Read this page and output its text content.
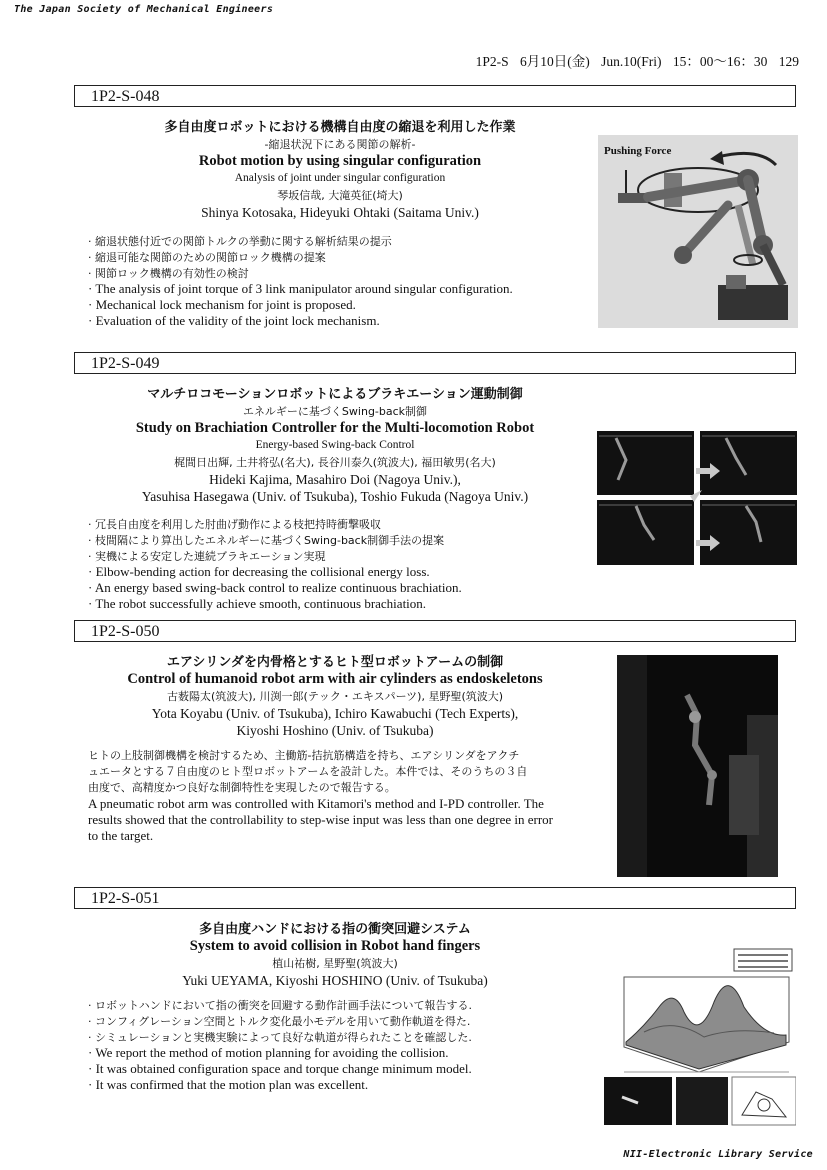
The Japan Society of Mechanical Engineers
1P2-S 6月10日(金) Jun.10(Fri) 15：00〜16：30 129
1P2-S-048
多自由度ロボットにおける機構自由度の縮退を利用した作業
-縮退状況下にある関節の解析-
Robot motion by using singular configuration
Analysis of joint under singular configuration
琴坂信哉, 大滝英征(埼大)
Shinya Kotosaka, Hideyuki Ohtaki (Saitama Univ.)
· 縮退状態付近での関節トルクの挙動に関する解析結果の提示
· 縮退可能な関節のための関節ロック機構の提案
· 関節ロック機構の有効性の検討
· The analysis of joint torque of 3 link manipulator around singular configuration.
· Mechanical lock mechanism for joint is proposed.
· Evaluation of the validity of the joint lock mechanism.
Pushing Force
1P2-S-049
マルチロコモーションロボットによるブラキエーション運動制御
エネルギーに基づくSwing-back制御
Study on Brachiation Controller for the Multi-locomotion Robot
Energy-based Swing-back Control
梶間日出輝, 土井将弘(名大), 長谷川泰久(筑波大), 福田敏男(名大)
Hideki Kajima, Masahiro Doi (Nagoya Univ.),
Yasuhisa Hasegawa (Univ. of Tsukuba), Toshio Fukuda (Nagoya Univ.)
· 冗長自由度を利用した肘曲げ動作による枝把持時衝撃吸収
· 枝間隔により算出したエネルギーに基づくSwing-back制御手法の提案
· 実機による安定した連続ブラキエーション実現
· Elbow-bending action for decreasing the collisional energy loss.
· An energy based swing-back control to realize continuous brachiation.
· The robot successfully achieve smooth, continuous brachiation.
1P2-S-050
エアシリンダを内骨格とするヒト型ロボットアームの制御
Control of humanoid robot arm with air cylinders as endoskeletons
古薮陽太(筑波大), 川渕一郎(テック・エキスパーツ), 星野聖(筑波大)
Yota Koyabu (Univ. of Tsukuba), Ichiro Kawabuchi (Tech Experts),
Kiyoshi Hoshino (Univ. of Tsukuba)
ヒトの上肢制御機構を検討するため、主働筋-拮抗筋構造を持ち、エアシリンダをアクチ
ュエータとする７自由度のヒト型ロボットアームを設計した。本件では、そのうちの３自
由度で、高精度かつ良好な制御特性を実現したので報告する。
A pneumatic robot arm was controlled with Kitamori's method and I-PD controller. The
results showed that the controllability to step-wise input was less than one degree in error
to the target.
1P2-S-051
多自由度ハンドにおける指の衝突回避システム
System to avoid collision in Robot hand fingers
植山祐樹, 星野聖(筑波大)
Yuki UEYAMA, Kiyoshi HOSHINO (Univ. of Tsukuba)
· ロボットハンドにおいて指の衝突を回避する動作計画手法について報告する.
· コンフィグレーション空間とトルク変化最小モデルを用いて動作軌道を得た.
· シミュレーションと実機実験によって良好な軌道が得られたことを確認した.
· We report the method of motion planning for avoiding the collision.
· It was obtained configuration space and torque change minimum model.
· It was confirmed that the motion plan was excellent.
NII-Electronic Library Service
